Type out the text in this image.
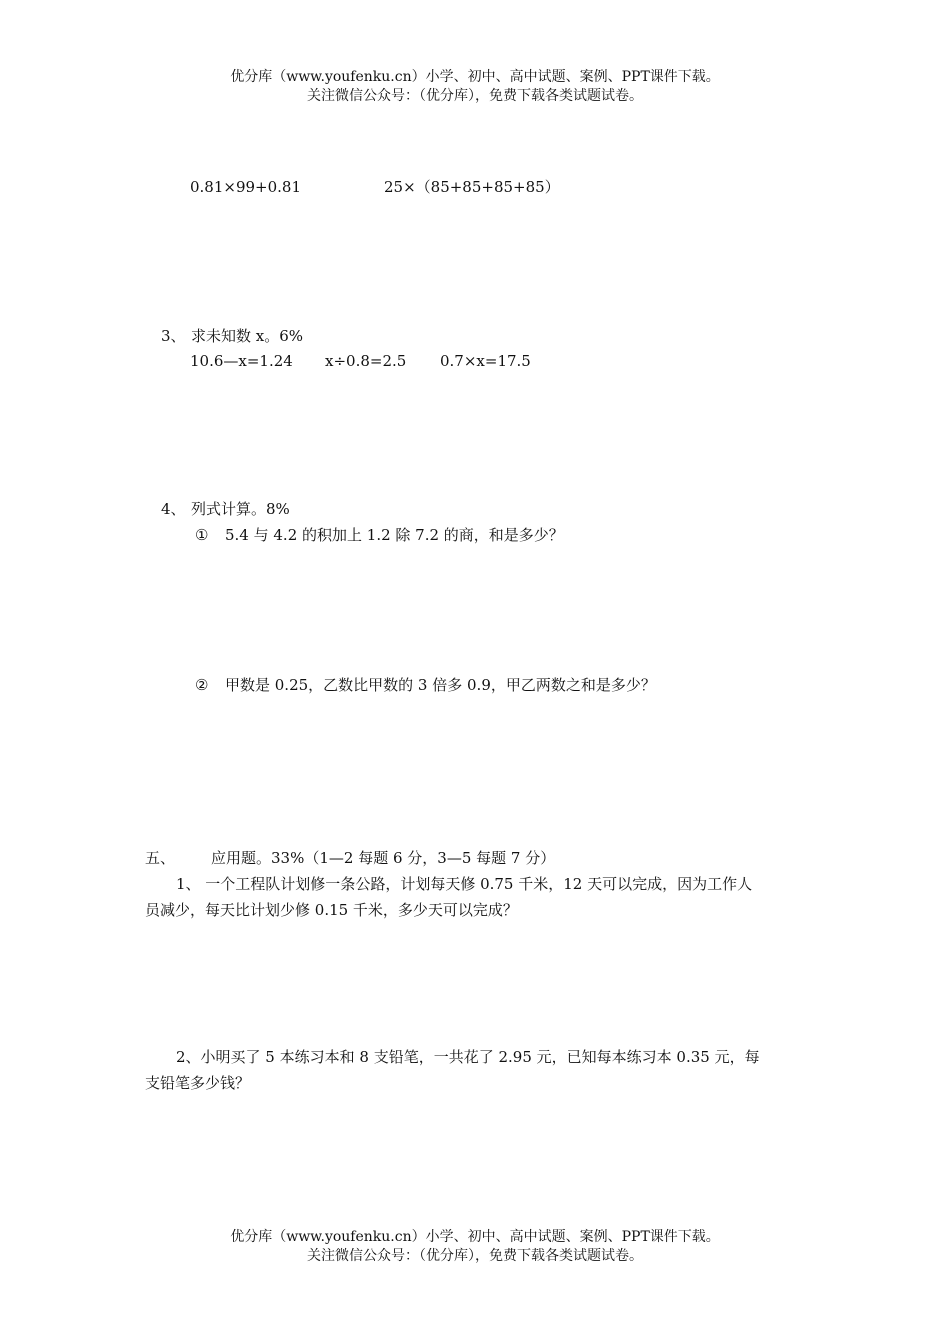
优分库（www.youfenku.cn）小学、初中、高中试题、案例、PPT课件下载。
关注微信公众号：（优分库），免费下载各类试题试卷。
0.81×99+0.81	25×（85+85+85+85）
3、 求未知数 x。6%
10.6—x=1.24 x÷0.8=2.5 0.7×x=17.5
4、 列式计算。8%
① 5.4 与 4.2 的积加上 1.2 除 7.2 的商，和是多少？
② 甲数是 0.25，乙数比甲数的 3 倍多 0.9，甲乙两数之和是多少？
五、 应用题。33%（1—2 每题 6 分，3—5 每题 7 分）
1、 一个工程队计划修一条公路，计划每天修 0.75 千米，12 天可以完成，因为工作人
员减少，每天比计划少修 0.15 千米，多少天可以完成？
2、小明买了 5 本练习本和 8 支铅笔，一共花了 2.95 元，已知每本练习本 0.35 元，每
支铅笔多少钱？
优分库（www.youfenku.cn）小学、初中、高中试题、案例、PPT课件下载。
关注微信公众号：（优分库），免费下载各类试题试卷。
